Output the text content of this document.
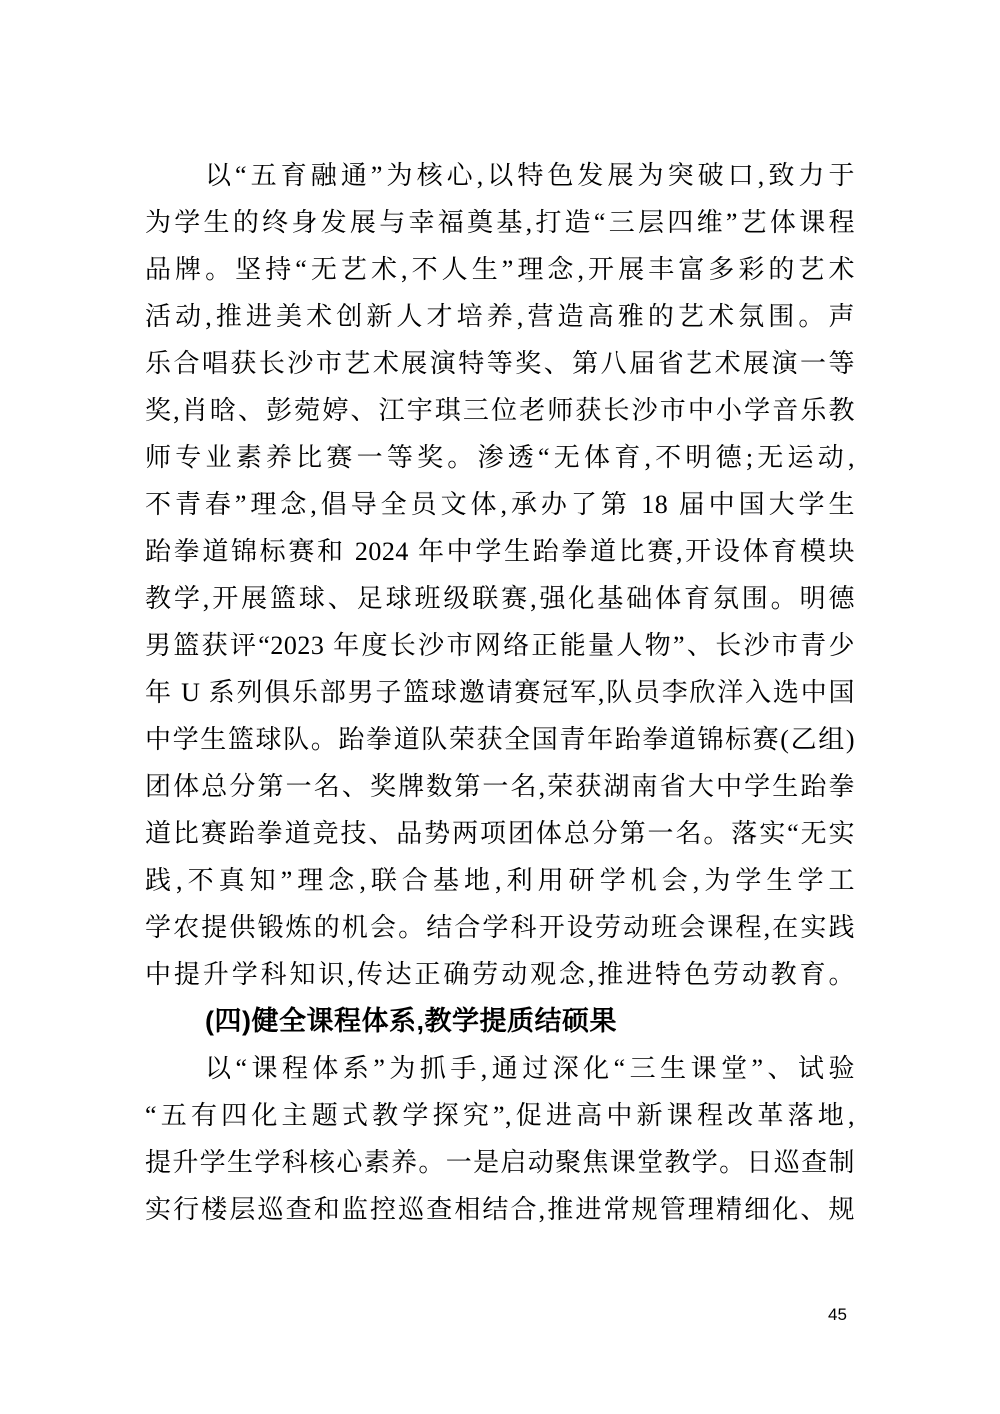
以“五育融通”为核心,以特色发展为突破口,致力于
为学生的终身发展与幸福奠基,打造“三层四维”艺体课程
品牌。坚持“无艺术,不人生”理念,开展丰富多彩的艺术
活动,推进美术创新人才培养,营造高雅的艺术氛围。声
乐合唱获长沙市艺术展演特等奖、第八届省艺术展演一等
奖,肖晗、彭菀婷、江宇琪三位老师获长沙市中小学音乐教
师专业素养比赛一等奖。渗透“无体育,不明德;无运动,
不青春”理念,倡导全员文体,承办了第 18 届中国大学生
跆拳道锦标赛和 2024 年中学生跆拳道比赛,开设体育模块
教学,开展篮球、足球班级联赛,强化基础体育氛围。明德
男篮获评“2023 年度长沙市网络正能量人物”、长沙市青少
年 U 系列俱乐部男子篮球邀请赛冠军,队员李欣洋入选中国
中学生篮球队。跆拳道队荣获全国青年跆拳道锦标赛(乙组)
团体总分第一名、奖牌数第一名,荣获湖南省大中学生跆拳
道比赛跆拳道竞技、品势两项团体总分第一名。落实“无实
践,不真知”理念,联合基地,利用研学机会,为学生学工
学农提供锻炼的机会。结合学科开设劳动班会课程,在实践
中提升学科知识,传达正确劳动观念,推进特色劳动教育。
(四)健全课程体系,教学提质结硕果
以“课程体系”为抓手,通过深化“三生课堂”、试验
“五有四化主题式教学探究”,促进高中新课程改革落地,
提升学生学科核心素养。一是启动聚焦课堂教学。日巡查制
实行楼层巡查和监控巡查相结合,推进常规管理精细化、规
45
